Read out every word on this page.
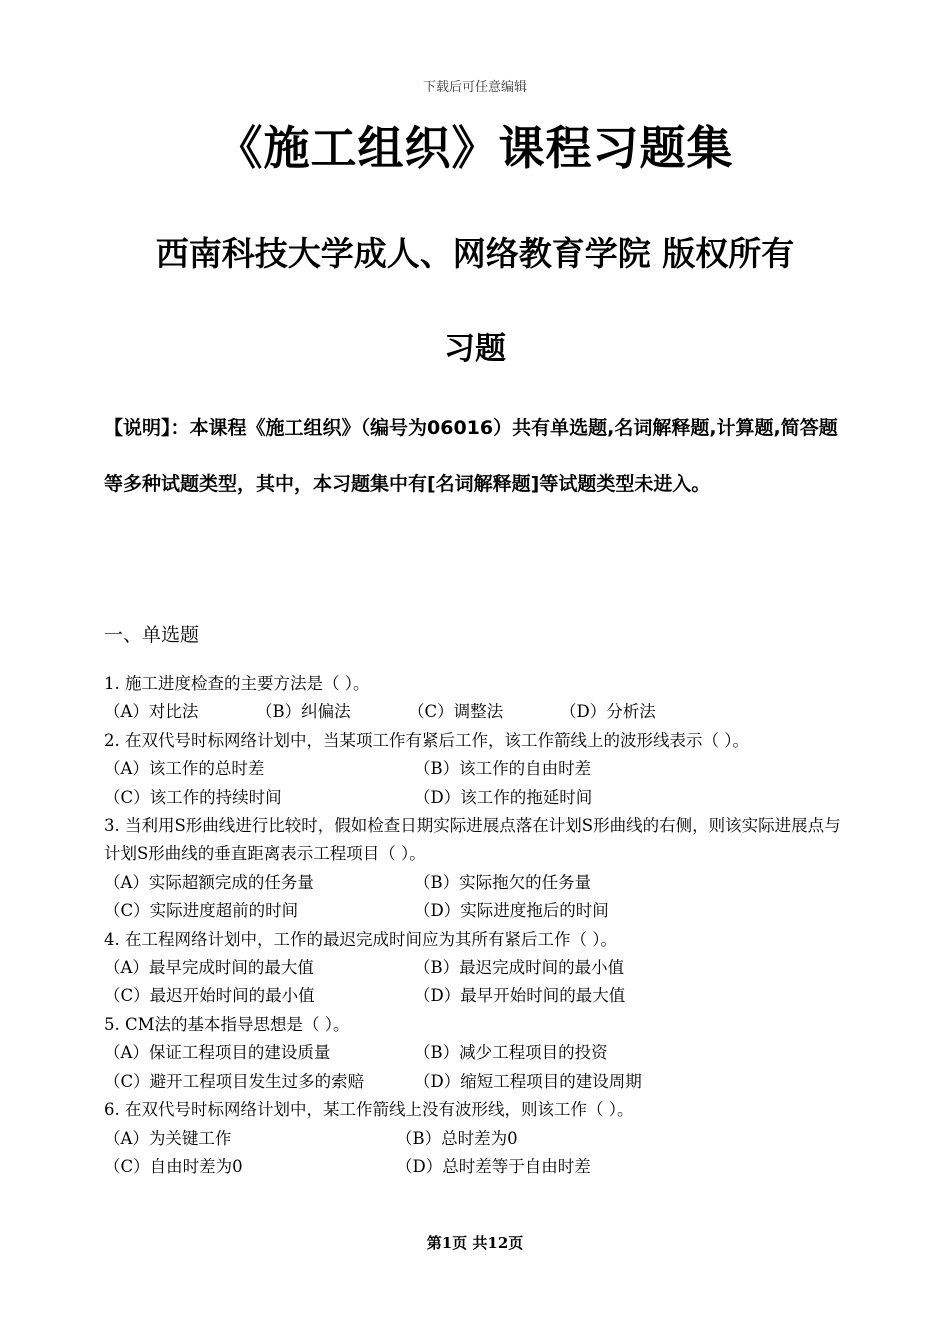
下载后可任意编辑
《施工组织》课程习题集
西南科技大学成人、网络教育学院 版权所有
习题
【说明】：本课程《施工组织》（编号为06016）共有单选题,名词解释题,计算题,简答题等多种试题类型，其中，本习题集中有[名词解释题]等试题类型未进入。
一、单选题

1. 施工进度检查的主要方法是（ ）。

（A）对比法	（B）纠偏法	（C）调整法	（D）分析法

2. 在双代号时标网络计划中，当某项工作有紧后工作，该工作箭线上的波形线表示（ ）。

（A）该工作的总时差	（B）该工作的自由时差
（C）该工作的持续时间	（D）该工作的拖延时间

3. 当利用S形曲线进行比较时，假如检查日期实际进展点落在计划S形曲线的右侧，则该实际进展点与计划S形曲线的垂直距离表示工程项目（ ）。

（A）实际超额完成的任务量	（B）实际拖欠的任务量
（C）实际进度超前的时间	（D）实际进度拖后的时间

4. 在工程网络计划中，工作的最迟完成时间应为其所有紧后工作（ ）。

（A）最早完成时间的最大值	（B）最迟完成时间的最小值
（C）最迟开始时间的最小值	（D）最早开始时间的最大值

5. CM法的基本指导思想是（ ）。

（A）保证工程项目的建设质量	（B）减少工程项目的投资
（C）避开工程项目发生过多的索赔	（D）缩短工程项目的建设周期

6. 在双代号时标网络计划中，某工作箭线上没有波形线，则该工作（ ）。

（A）为关键工作	（B）总时差为0
（C）自由时差为0	（D）总时差等于自由时差
第1页 共12页
